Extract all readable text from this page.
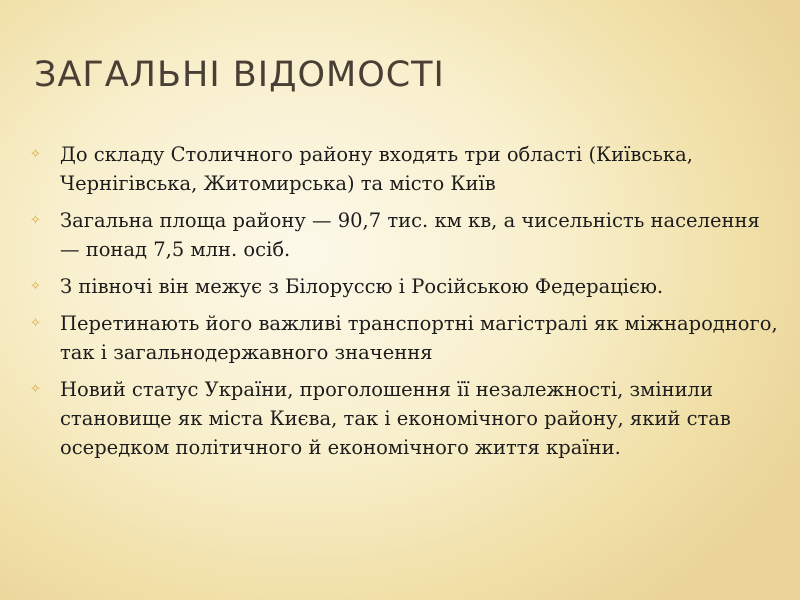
ЗАГАЛЬНІ ВІДОМОСТІ
✧ До складу Столичного району входять три області (Київська, Чернігівська, Житомирська) та місто Київ
✧ Загальна площа району — 90,7 тис. км кв, а чисельність населення — понад 7,5 млн. осіб.
✧ З півночі він межує з Білоруссю і Російською Федерацією.
✧ Перетинають його важливі транспортні магістралі як міжнародного, так і загальнодержавного значення
✧ Новий статус України, проголошення її незалежності, змінили становище як міста Києва, так і економічного району, який став осередком політичного й економічного життя країни.
